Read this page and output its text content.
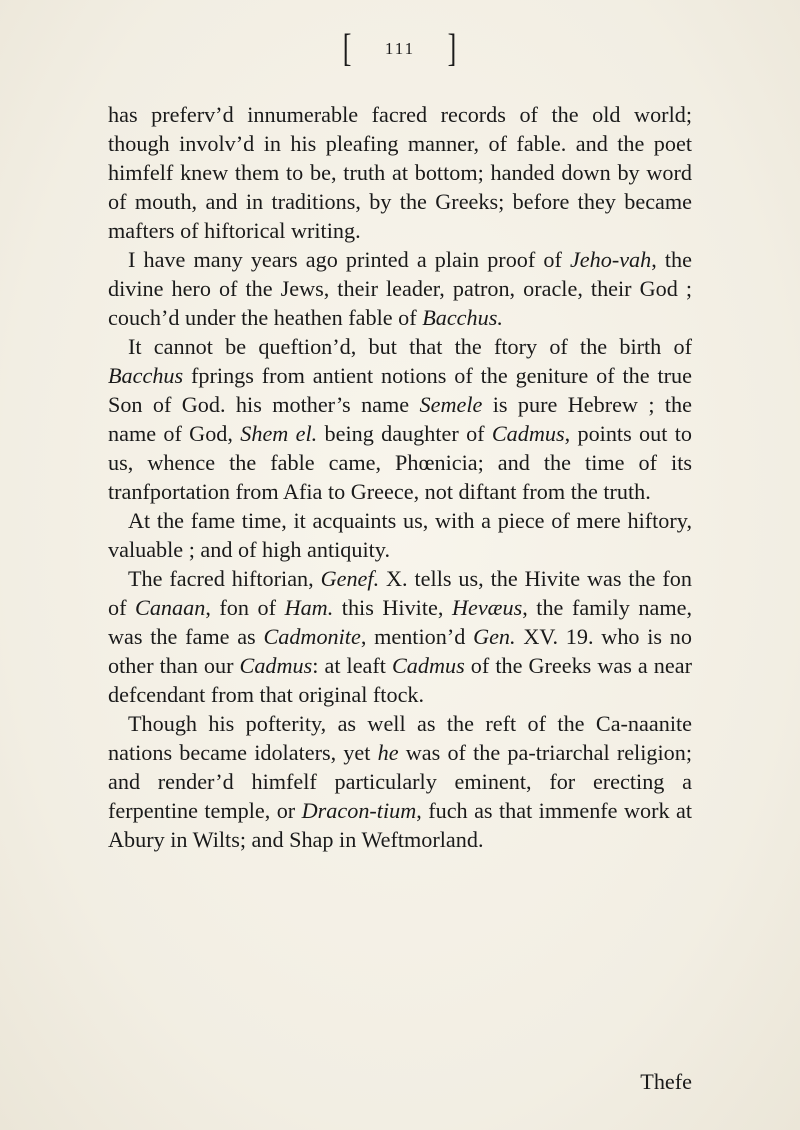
[ 111 ]

has preferv’d innumerable facred records of the old world; though involv’d in his pleafing manner, of fable. and the poet himfelf knew them to be, truth at bottom; handed down by word of mouth, and in traditions, by the Greeks; before they became mafters of hiftorical writing.

I have many years ago printed a plain proof of Jeho-vah, the divine hero of the Jews, their leader, patron, oracle, their God ; couch’d under the heathen fable of Bacchus.

It cannot be queftion’d, but that the ftory of the birth of Bacchus fprings from antient notions of the geniture of the true Son of God. his mother’s name Semele is pure Hebrew ; the name of God, Shem el. being daughter of Cadmus, points out to us, whence the fable came, Phœnicia; and the time of its tranfportation from Afia to Greece, not diftant from the truth.

At the fame time, it acquaints us, with a piece of mere hiftory, valuable ; and of high antiquity.

The facred hiftorian, Genef. X. tells us, the Hivite was the fon of Canaan, fon of Ham. this Hivite, Hevæus, the family name, was the fame as Cadmonite, mention’d Gen. XV. 19. who is no other than our Cadmus: at leaft Cadmus of the Greeks was a near defcendant from that original ftock.

Though his pofterity, as well as the reft of the Ca-naanite nations became idolaters, yet he was of the pa-triarchal religion; and render’d himfelf particularly eminent, for erecting a ferpentine temple, or Dracon-tium, fuch as that immenfe work at Abury in Wilts; and Shap in Weftmorland.

Thefe
